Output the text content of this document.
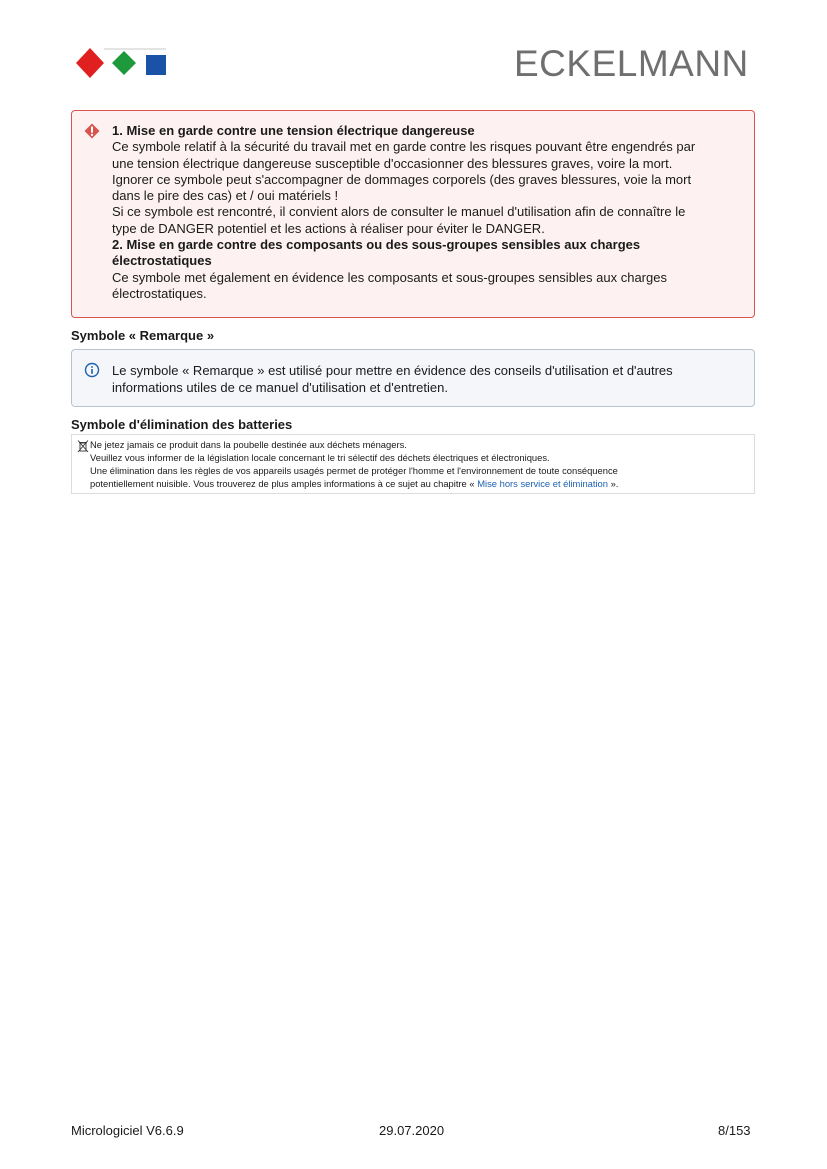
ECKELMANN
1. Mise en garde contre une tension électrique dangereuse
Ce symbole relatif à la sécurité du travail met en garde contre les risques pouvant être engendrés par
une tension électrique dangereuse susceptible d'occasionner des blessures graves, voire la mort.
Ignorer ce symbole peut s'accompagner de dommages corporels (des graves blessures, voie la mort
dans le pire des cas) et / oui matériels !
Si ce symbole est rencontré, il convient alors de consulter le manuel d'utilisation afin de connaître le
type de DANGER potentiel et les actions à réaliser pour éviter le DANGER.
2. Mise en garde contre des composants ou des sous-groupes sensibles aux charges
électrostatiques
Ce symbole met également en évidence les composants et sous-groupes sensibles aux charges
électrostatiques.
Symbole « Remarque »
Le symbole « Remarque » est utilisé pour mettre en évidence des conseils d'utilisation et d'autres
informations utiles de ce manuel d'utilisation et d'entretien.
Symbole d'élimination des batteries
Ne jetez jamais ce produit dans la poubelle destinée aux déchets ménagers.
Veuillez vous informer de la législation locale concernant le tri sélectif des déchets électriques et électroniques.
Une élimination dans les règles de vos appareils usagés permet de protéger l'homme et l'environnement de toute conséquence
potentiellement nuisible. Vous trouverez de plus amples informations à ce sujet au chapitre « Mise hors service et élimination ».
Micrologiciel V6.6.9	29.07.2020	8/153
